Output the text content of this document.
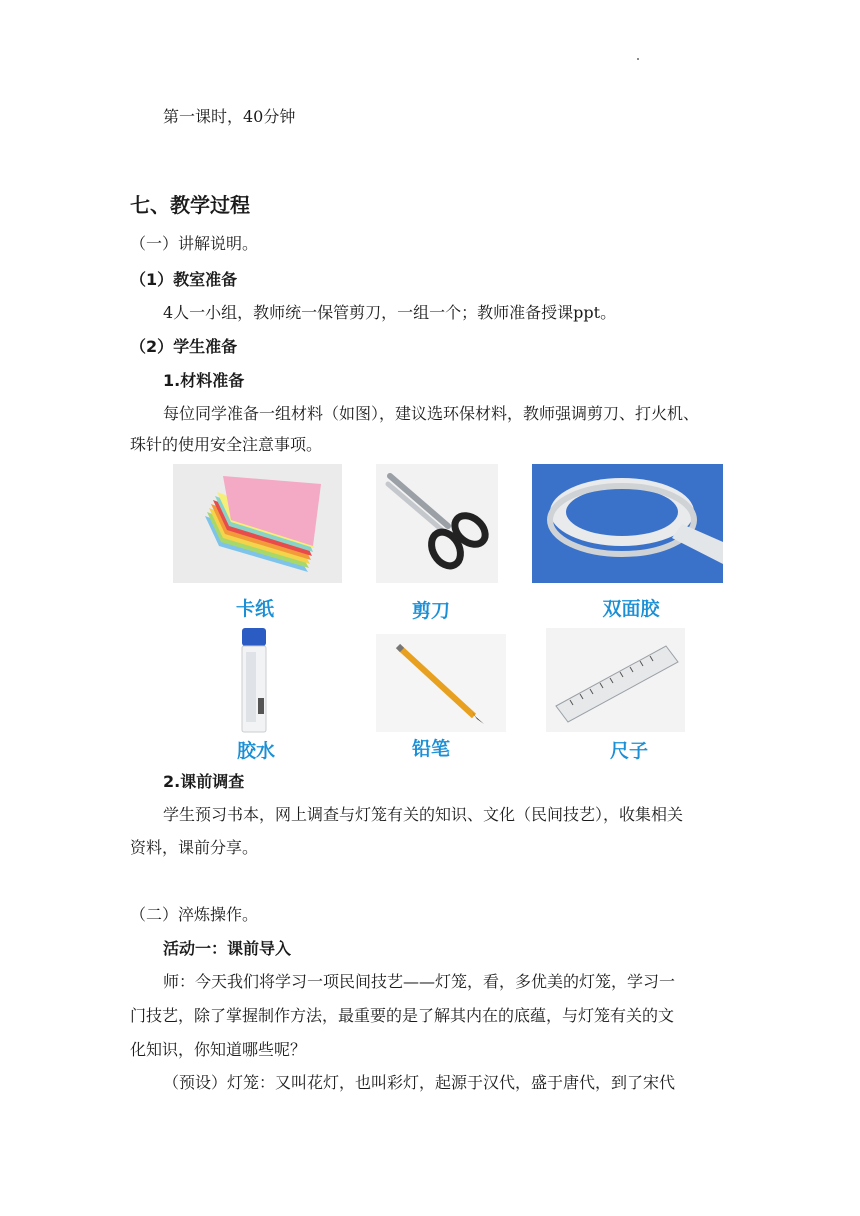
第一课时，40分钟
七、教学过程
（一）讲解说明。
（1）教室准备
4人一小组，教师统一保管剪刀，一组一个；教师准备授课ppt。
（2）学生准备
1.材料准备
每位同学准备一组材料（如图），建议选环保材料，教师强调剪刀、打火机、
珠针的使用安全注意事项。
卡纸	剪刀	双面胶
胶水	铅笔	尺子
2.课前调查
学生预习书本，网上调查与灯笼有关的知识、文化（民间技艺），收集相关
资料，课前分享。
（二）淬炼操作。
活动一：课前导入
师：今天我们将学习一项民间技艺——灯笼，看，多优美的灯笼，学习一
门技艺，除了掌握制作方法，最重要的是了解其内在的底蕴，与灯笼有关的文
化知识，你知道哪些呢？
（预设）灯笼：又叫花灯，也叫彩灯，起源于汉代，盛于唐代，到了宋代
